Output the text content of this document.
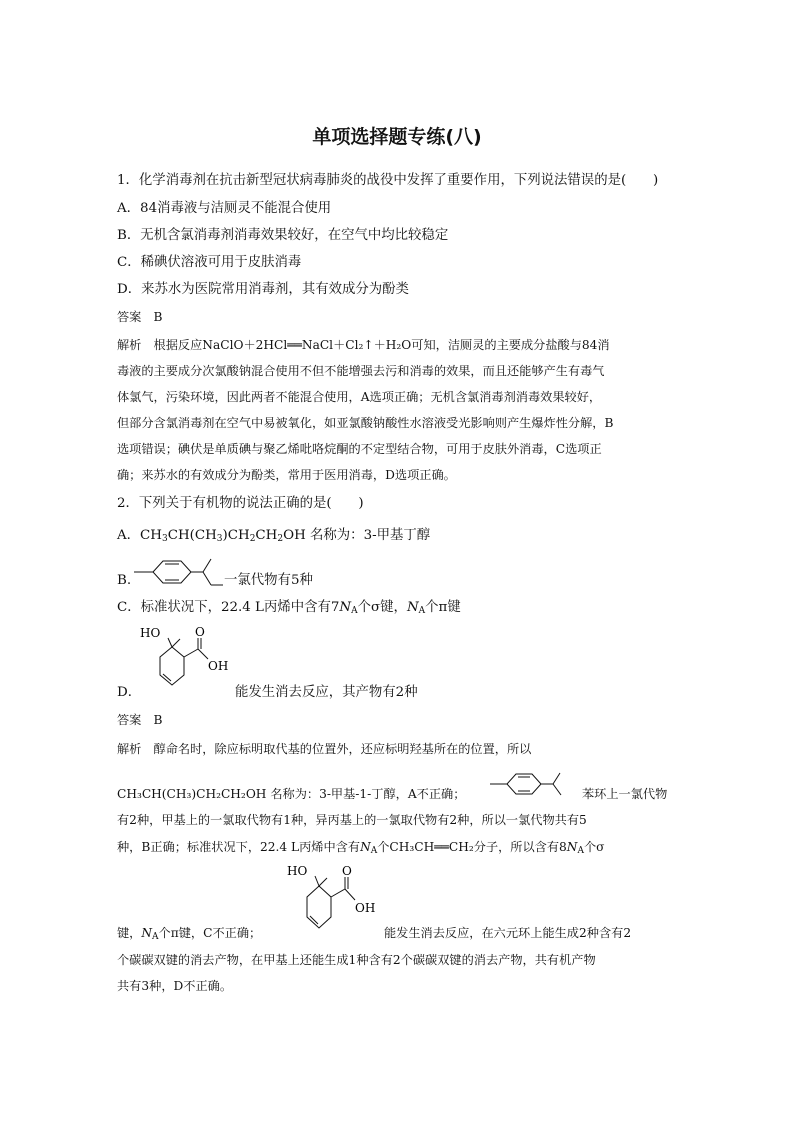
单项选择题专练(八)
1．化学消毒剂在抗击新型冠状病毒肺炎的战役中发挥了重要作用，下列说法错误的是(　　)
A．84消毒液与洁厕灵不能混合使用
B．无机含氯消毒剂消毒效果较好，在空气中均比较稳定
C．稀碘伏溶液可用于皮肤消毒
D．来苏水为医院常用消毒剂，其有效成分为酚类
答案　B
解析　根据反应NaClO＋2HCl══NaCl＋Cl₂↑＋H₂O可知，洁厕灵的主要成分盐酸与84消
毒液的主要成分次氯酸钠混合使用不但不能增强去污和消毒的效果，而且还能够产生有毒气
体氯气，污染环境，因此两者不能混合使用，A选项正确；无机含氯消毒剂消毒效果较好，
但部分含氯消毒剂在空气中易被氧化，如亚氯酸钠酸性水溶液受光影响则产生爆炸性分解，B
选项错误；碘伏是单质碘与聚乙烯吡咯烷酮的不定型结合物，可用于皮肤外消毒，C选项正
确；来苏水的有效成分为酚类，常用于医用消毒，D选项正确。
2．下列关于有机物的说法正确的是(　　)
A．$CH_3CH(CH_3)CH_2CH_2OH$ 名称为：3-甲基丁醇
B.	一氯代物有5种
C．标准状况下，22.4 L丙烯中含有$7N_A$个σ键，$N_A$个π键
HO	O
OH
D．	能发生消去反应，其产物有2种
答案　B
解析　醇命名时，除应标明取代基的位置外，还应标明羟基所在的位置，所以
CH₃CH(CH₃)CH₂CH₂OH 名称为：3-甲基-1-丁醇，A不正确；	苯环上一氯代物
有2种，甲基上的一氯取代物有1种，异丙基上的一氯取代物有2种，所以一氯代物共有5
种，B正确；标准状况下，22.4 L丙烯中含有$N_A$个CH₃CH══CH₂分子，所以含有$8N_A$个σ
HO	O
OH
键，$N_A$个π键，C不正确；	能发生消去反应，在六元环上能生成2种含有2
个碳碳双键的消去产物，在甲基上还能生成1种含有2个碳碳双键的消去产物，共有机产物
共有3种，D不正确。
